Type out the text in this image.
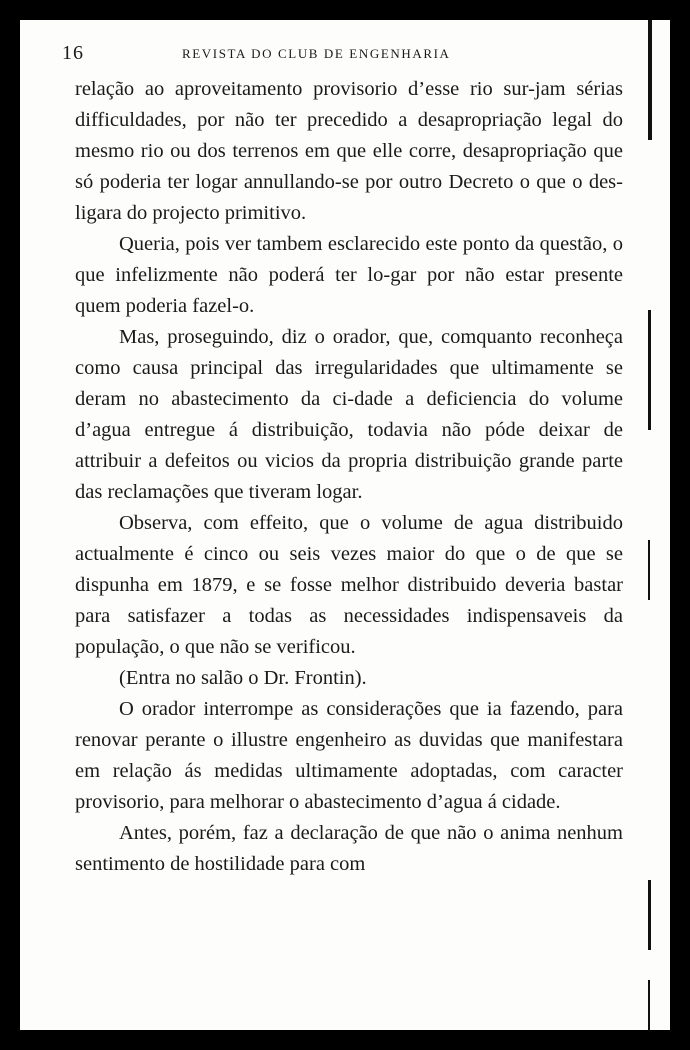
16	REVISTA DO CLUB DE ENGENHARIA

relação ao aproveitamento provisorio d’esse rio sur-jam sérias difficuldades, por não ter precedido a desapropriação legal do mesmo rio ou dos terrenos em que elle corre, desapropriação que só poderia ter logar annullando-se por outro Decreto o que o des-ligara do projecto primitivo.

Queria, pois ver tambem esclarecido este ponto da questão, o que infelizmente não poderá ter lo-gar por não estar presente quem poderia fazel-o.

Mas, proseguindo, diz o orador, que, comquanto reconheça como causa principal das irregularidades que ultimamente se deram no abastecimento da ci-dade a deficiencia do volume d’agua entregue á distribuição, todavia não póde deixar de attribuir a defeitos ou vicios da propria distribuição grande parte das reclamações que tiveram logar.

Observa, com effeito, que o volume de agua distribuido actualmente é cinco ou seis vezes maior do que o de que se dispunha em 1879, e se fosse melhor distribuido deveria bastar para satisfazer a todas as necessidades indispensaveis da população, o que não se verificou.

(Entra no salão o Dr. Frontin).

O orador interrompe as considerações que ia fazendo, para renovar perante o illustre engenheiro as duvidas que manifestara em relação ás medidas ultimamente adoptadas, com caracter provisorio, para melhorar o abastecimento d’agua á cidade.

Antes, porém, faz a declaração de que não o anima nenhum sentimento de hostilidade para com
